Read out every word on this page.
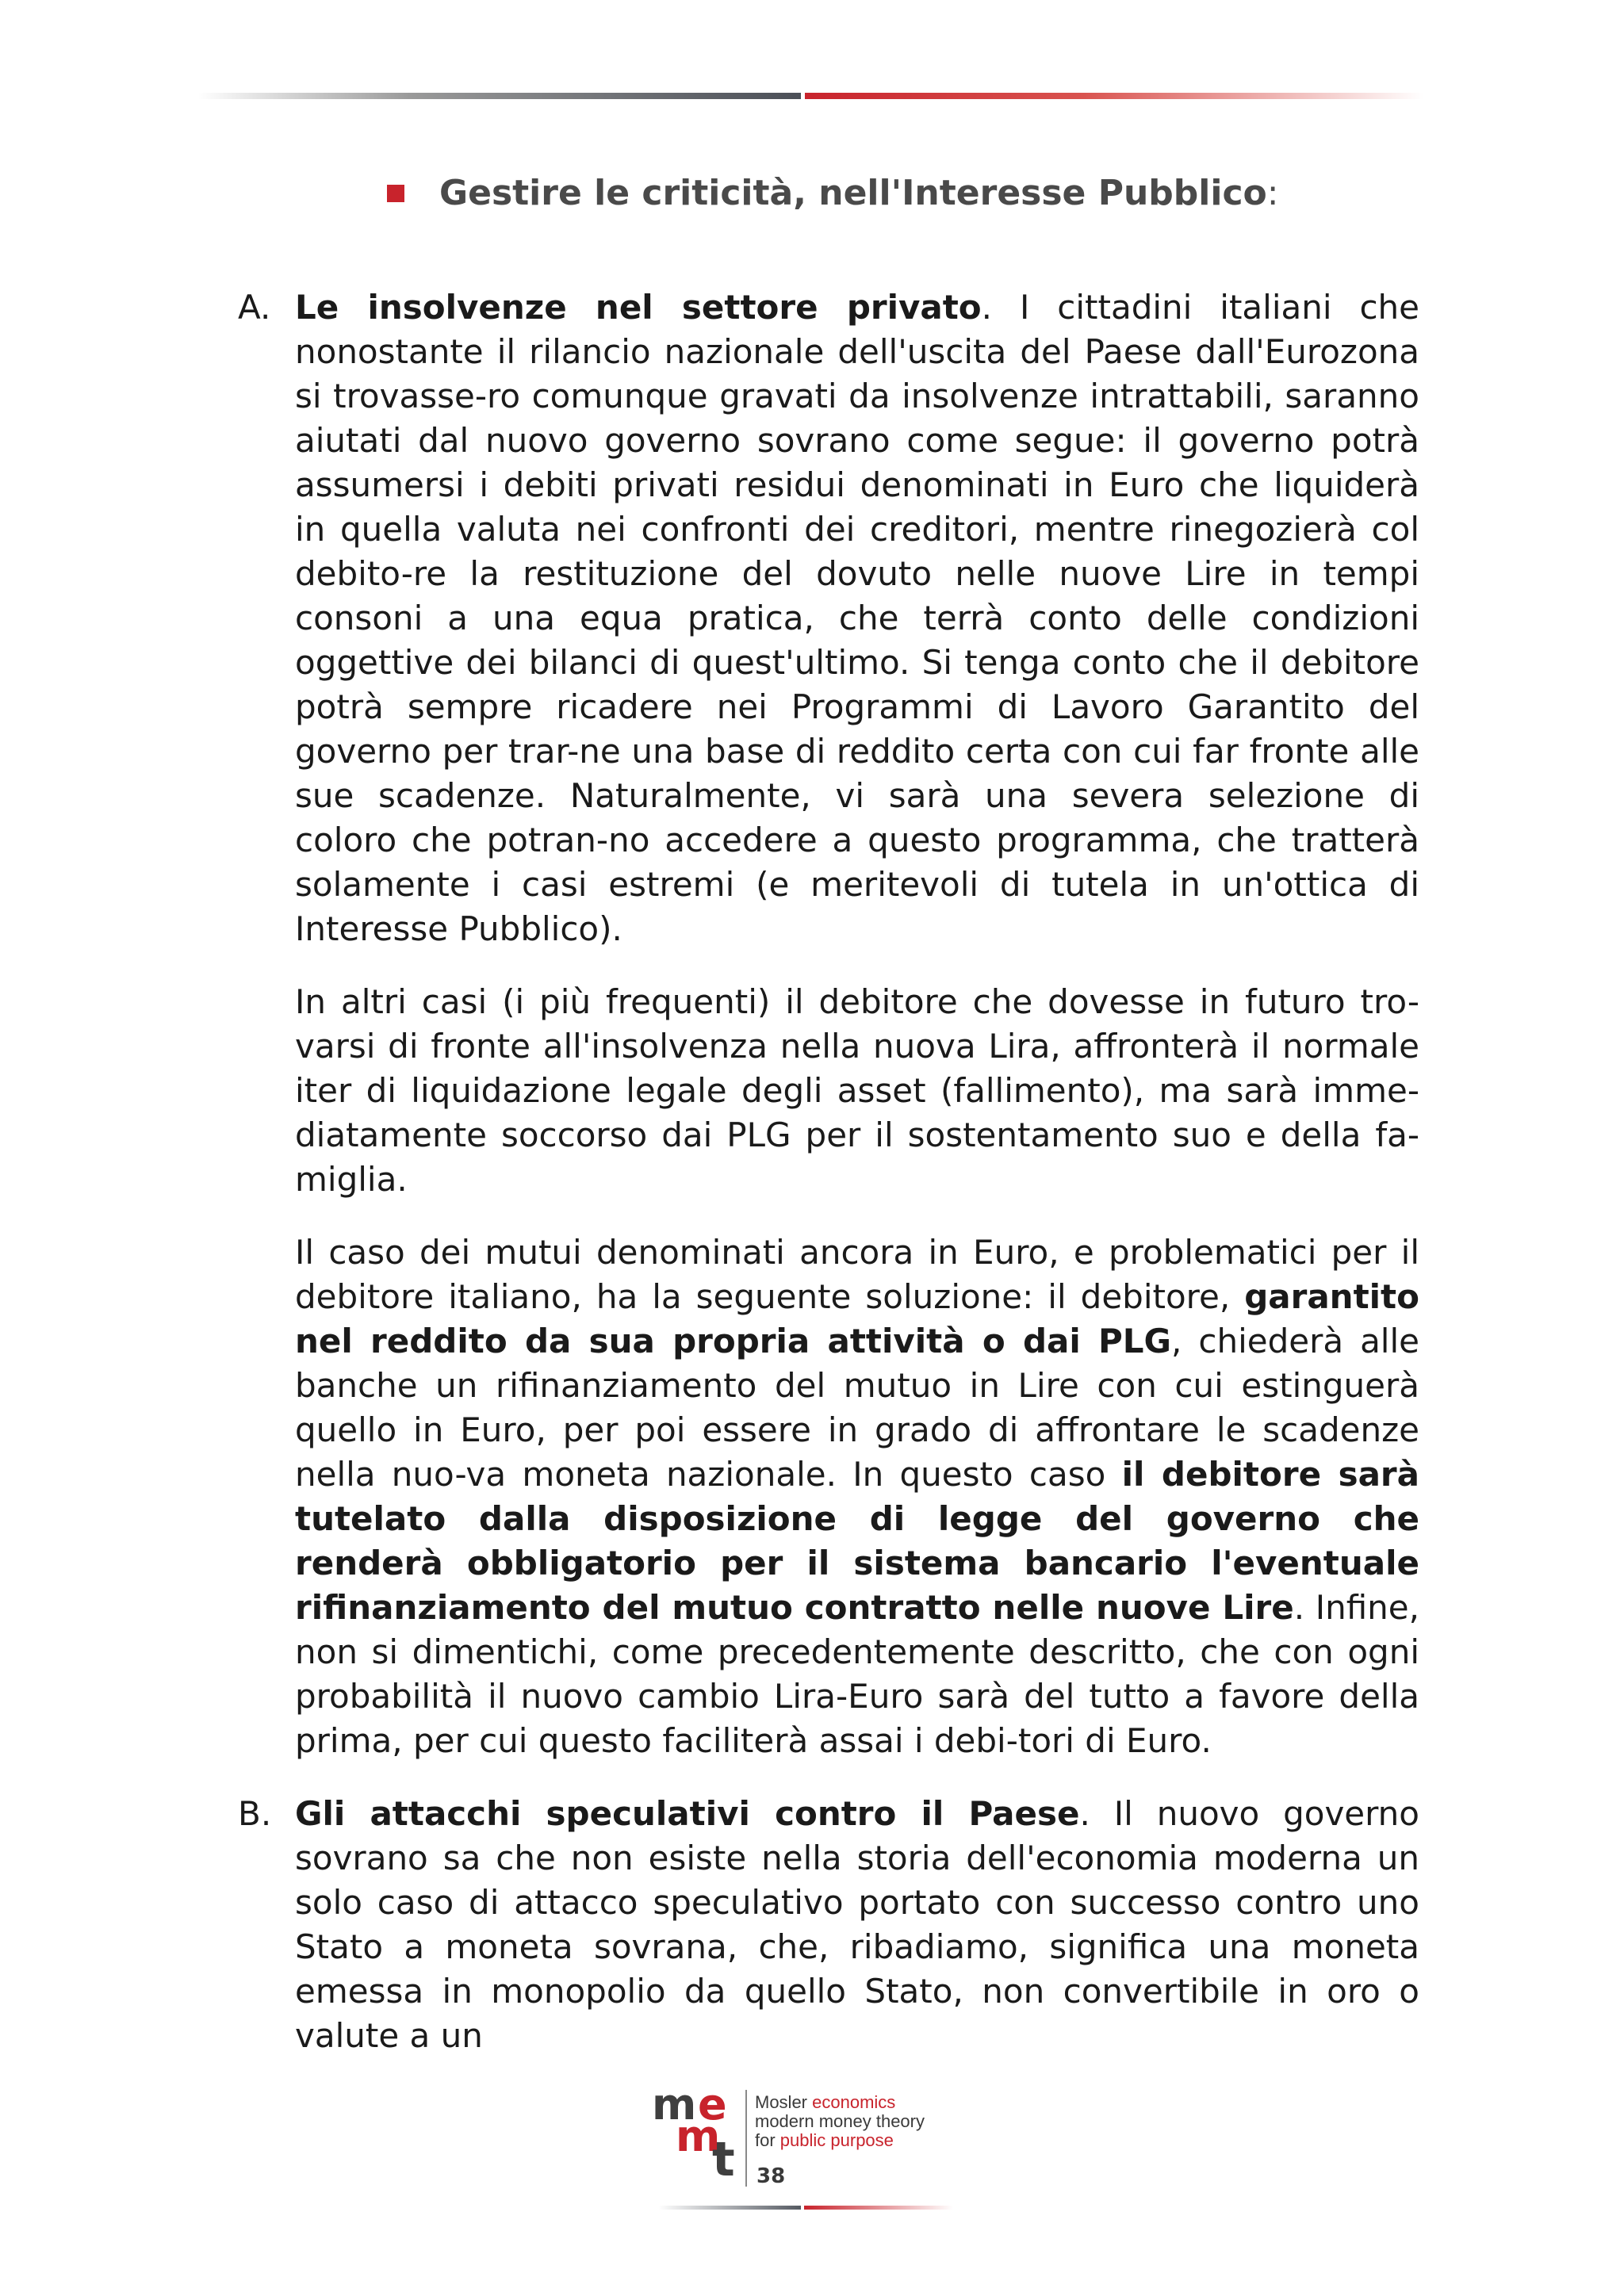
Gestire le criticità, nell'Interesse Pubblico :
A. Le insolvenze nel settore privato. I cittadini italiani che nonostante il rilancio nazionale dell'uscita del Paese dall'Eurozona si trovasse-ro comunque gravati da insolvenze intrattabili, saranno aiutati dal nuovo governo sovrano come segue: il governo potrà assumersi i debiti privati residui denominati in Euro che liquiderà in quella valuta nei confronti dei creditori, mentre rinegozierà col debito-re la restituzione del dovuto nelle nuove Lire in tempi consoni a una equa pratica, che terrà conto delle condizioni oggettive dei bilanci di quest'ultimo. Si tenga conto che il debitore potrà sempre ricadere nei Programmi di Lavoro Garantito del governo per trar-ne una base di reddito certa con cui far fronte alle sue scadenze. Naturalmente, vi sarà una severa selezione di coloro che potran-no accedere a questo programma, che tratterà solamente i casi estremi (e meritevoli di tutela in un'ottica di Interesse Pubblico).

In altri casi (i più frequenti) il debitore che dovesse in futuro tro-varsi di fronte all'insolvenza nella nuova Lira, affronterà il normale iter di liquidazione legale degli asset (fallimento), ma sarà imme-diatamente soccorso dai PLG per il sostentamento suo e della fa-miglia.

Il caso dei mutui denominati ancora in Euro, e problematici per il debitore italiano, ha la seguente soluzione: il debitore, garantito nel reddito da sua propria attività o dai PLG, chiederà alle banche un rifinanziamento del mutuo in Lire con cui estinguerà quello in Euro, per poi essere in grado di affrontare le scadenze nella nuo-va moneta nazionale. In questo caso il debitore sarà tutelato dalla disposizione di legge del governo che renderà obbligatorio per il sistema bancario l'eventuale rifinanziamento del mutuo contratto nelle nuove Lire. Infine, non si dimentichi, come precedentemente descritto, che con ogni probabilità il nuovo cambio Lira-Euro sarà del tutto a favore della prima, per cui questo faciliterà assai i debi-tori di Euro.

B. Gli attacchi speculativi contro il Paese. Il nuovo governo sovrano sa che non esiste nella storia dell'economia moderna un solo caso di attacco speculativo portato con successo contro uno Stato a moneta sovrana, che, ribadiamo, significa una moneta emessa in monopolio da quello Stato, non convertibile in oro o valute a un

m e
m
t
Mosler economics
modern money theory
for public purpose
38
